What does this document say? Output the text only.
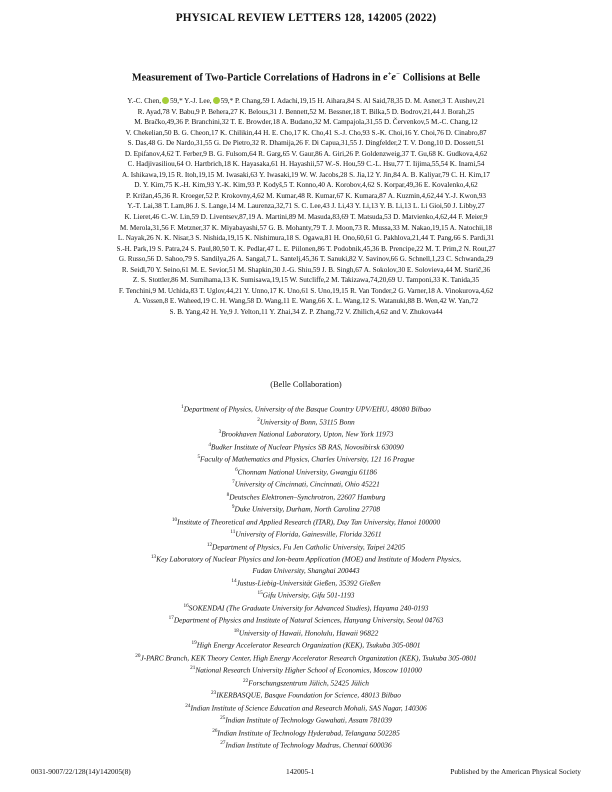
PHYSICAL REVIEW LETTERS 128, 142005 (2022)
Measurement of Two-Particle Correlations of Hadrons in e+e− Collisions at Belle
Y.-C. Chen, 59,* Y.-J. Lee, 59,* P. Chang,59 I. Adachi,19,15 H. Aihara,84 S. Al Said,78,35 D. M. Asner,3 T. Aushev,21
R. Ayad,78 V. Babu,9 P. Behera,27 K. Belous,31 J. Bennett,52 M. Bessner,18 T. Bilka,5 D. Bodrov,21,44 J. Borah,25
M. Bračko,49,36 P. Branchini,32 T. E. Browder,18 A. Budano,32 M. Campajola,31,55 D. Červenkov,5 M.-C. Chang,12
V. Chekelian,50 B. G. Cheon,17 K. Chilikin,44 H. E. Cho,17 K. Cho,41 S.-J. Cho,93 S.-K. Choi,16 Y. Choi,76 D. Cinabro,87
S. Das,48 G. De Nardo,31,55 G. De Pietro,32 R. Dhamija,26 F. Di Capua,31,55 J. Dingfelder,2 T. V. Dong,10 D. Dossett,51
D. Epifanov,4,62 T. Ferber,9 B. G. Fulsom,64 R. Garg,65 V. Gaur,86 A. Giri,26 P. Goldenzweig,37 T. Gu,68 K. Gudkova,4,62
C. Hadjivasiliou,64 O. Hartbrich,18 K. Hayasaka,61 H. Hayashii,57 W.-S. Hou,59 C.-L. Hsu,77 T. Iijima,55,54 K. Inami,54
A. Ishikawa,19,15 R. Itoh,19,15 M. Iwasaki,63 Y. Iwasaki,19 W. W. Jacobs,28 S. Jia,12 Y. Jin,84 A. B. Kaliyar,79 C. H. Kim,17
D. Y. Kim,75 K.-H. Kim,93 Y.-K. Kim,93 P. Kodyš,5 T. Konno,40 A. Korobov,4,62 S. Korpar,49,36 E. Kovalenko,4,62
P. Križan,45,36 R. Kroeger,52 P. Krokovny,4,62 M. Kumar,48 R. Kumar,67 K. Kumara,87 A. Kuzmin,4,62,44 Y.-J. Kwon,93
Y.-T. Lai,38 T. Lam,86 J. S. Lange,14 M. Laurenza,32,71 S. C. Lee,43 J. Li,43 Y. Li,13 Y. B. Li,13 L. Li Gioi,50 J. Libby,27
K. Lieret,46 C.-W. Lin,59 D. Liventsev,87,19 A. Martini,89 M. Masuda,83,69 T. Matsuda,53 D. Matvienko,4,62,44 F. Meier,9
M. Merola,31,56 F. Metzner,37 K. Miyabayashi,57 G. B. Mohanty,79 T. J. Moon,73 R. Mussa,33 M. Nakao,19,15 A. Natochii,18
L. Nayak,26 N. K. Nisar,3 S. Nishida,19,15 K. Nishimura,18 S. Ogawa,81 H. Ono,60,61 G. Pakhlova,21,44 T. Pang,66 S. Pardi,31
S.-H. Park,19 S. Patra,24 S. Paul,80,50 T. K. Pedlar,47 L. E. Piilonen,86 T. Podobnik,45,36 B. Prencipe,22 M. T. Prim,2 N. Rout,27
G. Russo,56 D. Sahoo,79 S. Sandilya,26 A. Sangal,7 L. Santelj,45,36 T. Sanuki,82 V. Savinov,66 G. Schnell,1,23 C. Schwanda,29
R. Seidl,70 Y. Seino,61 M. E. Sevior,51 M. Shapkin,30 J.-G. Shiu,59 J. B. Singh,67 A. Sokolov,30 E. Solovieva,44 M. Starič,36
Z. S. Stottler,86 M. Sumihama,13 K. Sumisawa,19,15 W. Sutcliffe,2 M. Takizawa,74,20,69 U. Tamponi,33 K. Tanida,35
F. Tenchini,9 M. Uchida,83 T. Uglov,44,21 Y. Unno,17 K. Uno,61 S. Uno,19,15 R. Van Tonder,2 G. Varner,18 A. Vinokurova,4,62
A. Vossen,8 E. Waheed,19 C. H. Wang,58 D. Wang,11 E. Wang,66 X. L. Wang,12 S. Watanuki,88 B. Wen,42 W. Yan,72
S. B. Yang,42 H. Ye,9 J. Yelton,11 Y. Zhai,34 Z. P. Zhang,72 V. Zhilich,4,62 and V. Zhukova44
(Belle Collaboration)
$^1$Department of Physics, University of the Basque Country UPV/EHU, 48080 Bilbao
$^2$University of Bonn, 53115 Bonn
$^3$Brookhaven National Laboratory, Upton, New York 11973
$^4$Budker Institute of Nuclear Physics SB RAS, Novosibirsk 630090
$^5$Faculty of Mathematics and Physics, Charles University, 121 16 Prague
$^6$Chonnam National University, Gwangju 61186
$^7$University of Cincinnati, Cincinnati, Ohio 45221
$^8$Deutsches Elektronen–Synchrotron, 22607 Hamburg
$^9$Duke University, Durham, North Carolina 27708
$^{10}$Institute of Theoretical and Applied Research (ITAR), Duy Tan University, Hanoi 100000
$^{11}$University of Florida, Gainesville, Florida 32611
$^{12}$Department of Physics, Fu Jen Catholic University, Taipei 24205
$^{13}$Key Laboratory of Nuclear Physics and Ion-beam Application (MOE) and Institute of Modern Physics,
Fudan University, Shanghai 200443
$^{14}$Justus-Liebig-Universität Gießen, 35392 Gießen
$^{15}$Gifu University, Gifu 501-1193
$^{16}$SOKENDAI (The Graduate University for Advanced Studies), Hayama 240-0193
$^{17}$Department of Physics and Institute of Natural Sciences, Hanyang University, Seoul 04763
$^{18}$University of Hawaii, Honolulu, Hawaii 96822
$^{19}$High Energy Accelerator Research Organization (KEK), Tsukuba 305-0801
$^{20}$J-PARC Branch, KEK Theory Center, High Energy Accelerator Research Organization (KEK), Tsukuba 305-0801
$^{21}$National Research University Higher School of Economics, Moscow 101000
$^{22}$Forschungszentrum Jülich, 52425 Jülich
$^{23}$IKERBASQUE, Basque Foundation for Science, 48013 Bilbao
$^{24}$Indian Institute of Science Education and Research Mohali, SAS Nagar, 140306
$^{25}$Indian Institute of Technology Guwahati, Assam 781039
$^{26}$Indian Institute of Technology Hyderabad, Telangana 502285
$^{27}$Indian Institute of Technology Madras, Chennai 600036
0031-9007/22/128(14)/142005(8)	142005-1	Published by the American Physical Society
